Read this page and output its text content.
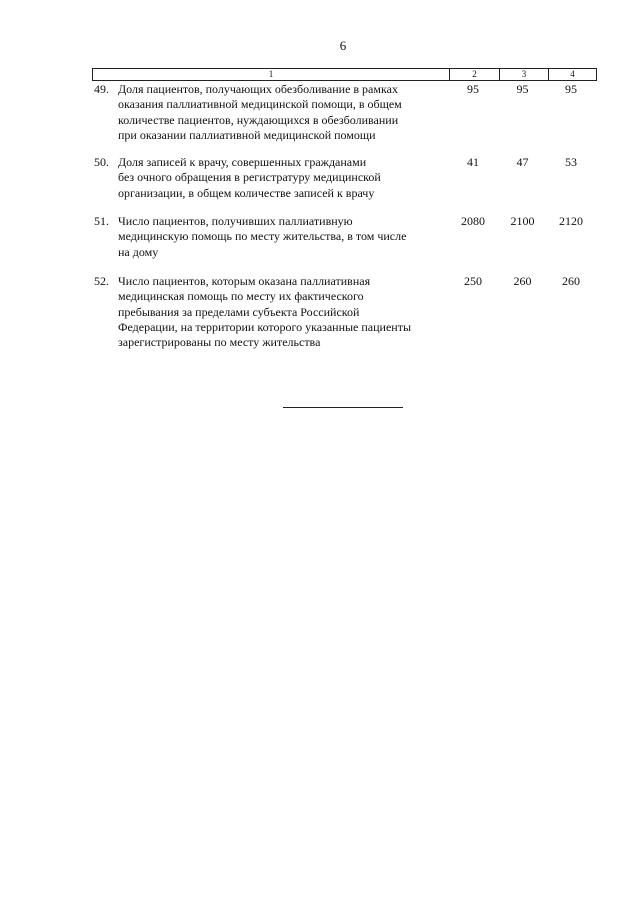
6
1	2	3	4
49. Доля пациентов, получающих обезболивание в рамках
оказания паллиативной медицинской помощи, в общем
количестве пациентов, нуждающихся в обезболивании
при оказании паллиативной медицинской помощи
95	95	95
50. Доля записей к врачу, совершенных гражданами
без очного обращения в регистратуру медицинской
организации, в общем количестве записей к врачу
41	47	53
51. Число пациентов, получивших паллиативную
медицинскую помощь по месту жительства, в том числе
на дому
2080	2100	2120
52. Число пациентов, которым оказана паллиативная
медицинская помощь по месту их фактического
пребывания за пределами субъекта Российской
Федерации, на территории которого указанные пациенты
зарегистрированы по месту жительства
250	260	260
